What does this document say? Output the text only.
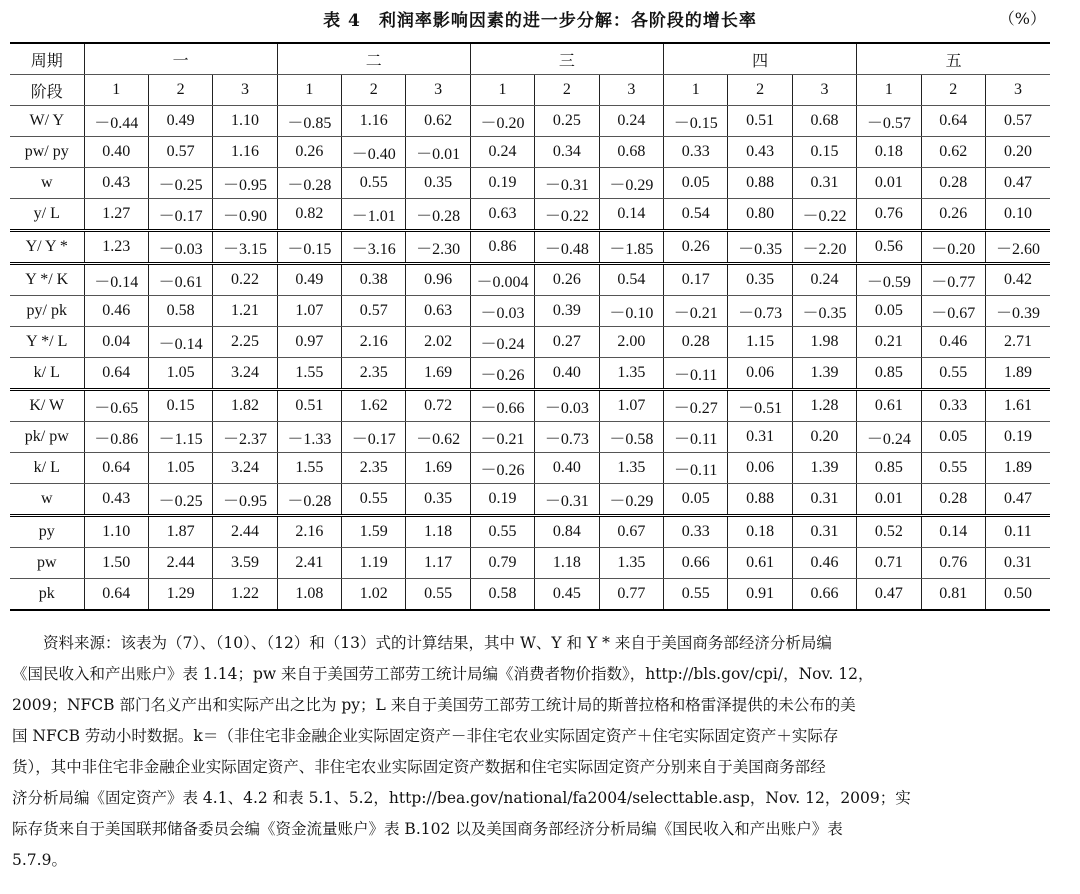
表 4　利润率影响因素的进一步分解：各阶段的增长率	（%）
周期	一			二			三			四			五		
阶段	1	2	3	1	2	3	1	2	3	1	2	3	1	2	3
W/ Y	－0.44	0.49	1.10	－0.85	1.16	0.62	－0.20	0.25	0.24	－0.15	0.51	0.68	－0.57	0.64	0.57
pw/ py	0.40	0.57	1.16	0.26	－0.40	－0.01	0.24	0.34	0.68	0.33	0.43	0.15	0.18	0.62	0.20
w	0.43	－0.25	－0.95	－0.28	0.55	0.35	0.19	－0.31	－0.29	0.05	0.88	0.31	0.01	0.28	0.47
y/ L	1.27	－0.17	－0.90	0.82	－1.01	－0.28	0.63	－0.22	0.14	0.54	0.80	－0.22	0.76	0.26	0.10
Y/ Y *	1.23	－0.03	－3.15	－0.15	－3.16	－2.30	0.86	－0.48	－1.85	0.26	－0.35	－2.20	0.56	－0.20	－2.60
Y */ K	－0.14	－0.61	0.22	0.49	0.38	0.96	－0.004	0.26	0.54	0.17	0.35	0.24	－0.59	－0.77	0.42
py/ pk	0.46	0.58	1.21	1.07	0.57	0.63	－0.03	0.39	－0.10	－0.21	－0.73	－0.35	0.05	－0.67	－0.39
Y */ L	0.04	－0.14	2.25	0.97	2.16	2.02	－0.24	0.27	2.00	0.28	1.15	1.98	0.21	0.46	2.71
k/ L	0.64	1.05	3.24	1.55	2.35	1.69	－0.26	0.40	1.35	－0.11	0.06	1.39	0.85	0.55	1.89
K/ W	－0.65	0.15	1.82	0.51	1.62	0.72	－0.66	－0.03	1.07	－0.27	－0.51	1.28	0.61	0.33	1.61
pk/ pw	－0.86	－1.15	－2.37	－1.33	－0.17	－0.62	－0.21	－0.73	－0.58	－0.11	0.31	0.20	－0.24	0.05	0.19
k/ L	0.64	1.05	3.24	1.55	2.35	1.69	－0.26	0.40	1.35	－0.11	0.06	1.39	0.85	0.55	1.89
w	0.43	－0.25	－0.95	－0.28	0.55	0.35	0.19	－0.31	－0.29	0.05	0.88	0.31	0.01	0.28	0.47
py	1.10	1.87	2.44	2.16	1.59	1.18	0.55	0.84	0.67	0.33	0.18	0.31	0.52	0.14	0.11
pw	1.50	2.44	3.59	2.41	1.19	1.17	0.79	1.18	1.35	0.66	0.61	0.46	0.71	0.76	0.31
pk	0.64	1.29	1.22	1.08	1.02	0.55	0.58	0.45	0.77	0.55	0.91	0.66	0.47	0.81	0.50
资料来源：该表为（7）、（10）、（12）和（13）式的计算结果，其中 W、Y 和 Y * 来自于美国商务部经济分析局编
《国民收入和产出账户》表 1.14；pw 来自于美国劳工部劳工统计局编《消费者物价指数》，http://bls.gov/cpi/，Nov. 12，
2009；NFCB 部门名义产出和实际产出之比为 py；L 来自于美国劳工部劳工统计局的斯普拉格和格雷泽提供的未公布的美
国 NFCB 劳动小时数据。k＝（非住宅非金融企业实际固定资产－非住宅农业实际固定资产＋住宅实际固定资产＋实际存
货），其中非住宅非金融企业实际固定资产、非住宅农业实际固定资产数据和住宅实际固定资产分别来自于美国商务部经
济分析局编《固定资产》表 4.1、4.2 和表 5.1、5.2，http://bea.gov/national/fa2004/selecttable.asp，Nov. 12，2009；实
际存货来自于美国联邦储备委员会编《资金流量账户》表 B.102 以及美国商务部经济分析局编《国民收入和产出账户》表
5.7.9。
